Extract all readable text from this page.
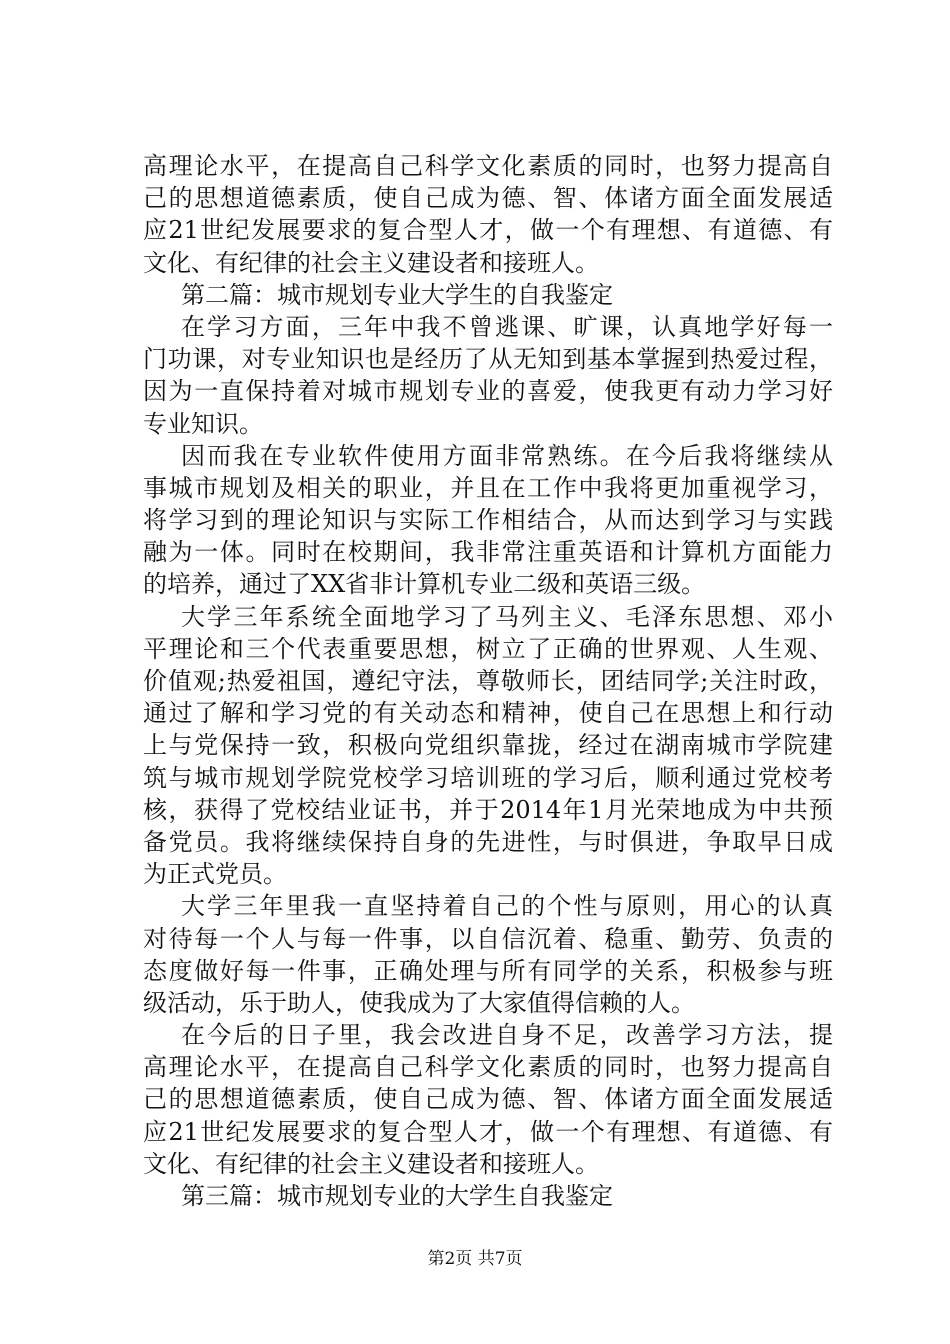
高理论水平，在提高自己科学文化素质的同时，也努力提高自
己的思想道德素质，使自己成为德、智、体诸方面全面发展适
应21世纪发展要求的复合型人才，做一个有理想、有道德、有
文化、有纪律的社会主义建设者和接班人。
第二篇：城市规划专业大学生的自我鉴定
在学习方面，三年中我不曾逃课、旷课，认真地学好每一
门功课，对专业知识也是经历了从无知到基本掌握到热爱过程，
因为一直保持着对城市规划专业的喜爱，使我更有动力学习好
专业知识。
因而我在专业软件使用方面非常熟练。在今后我将继续从
事城市规划及相关的职业，并且在工作中我将更加重视学习，
将学习到的理论知识与实际工作相结合，从而达到学习与实践
融为一体。同时在校期间，我非常注重英语和计算机方面能力
的培养，通过了XX省非计算机专业二级和英语三级。
大学三年系统全面地学习了马列主义、毛泽东思想、邓小
平理论和三个代表重要思想，树立了正确的世界观、人生观、
价值观;热爱祖国，遵纪守法，尊敬师长，团结同学;关注时政，
通过了解和学习党的有关动态和精神，使自己在思想上和行动
上与党保持一致，积极向党组织靠拢，经过在湖南城市学院建
筑与城市规划学院党校学习培训班的学习后，顺利通过党校考
核，获得了党校结业证书，并于2014年1月光荣地成为中共预
备党员。我将继续保持自身的先进性，与时俱进，争取早日成
为正式党员。
大学三年里我一直坚持着自己的个性与原则，用心的认真
对待每一个人与每一件事，以自信沉着、稳重、勤劳、负责的
态度做好每一件事，正确处理与所有同学的关系，积极参与班
级活动，乐于助人，使我成为了大家值得信赖的人。
在今后的日子里，我会改进自身不足，改善学习方法，提
高理论水平，在提高自己科学文化素质的同时，也努力提高自
己的思想道德素质，使自己成为德、智、体诸方面全面发展适
应21世纪发展要求的复合型人才，做一个有理想、有道德、有
文化、有纪律的社会主义建设者和接班人。
第三篇：城市规划专业的大学生自我鉴定
第2页 共7页
